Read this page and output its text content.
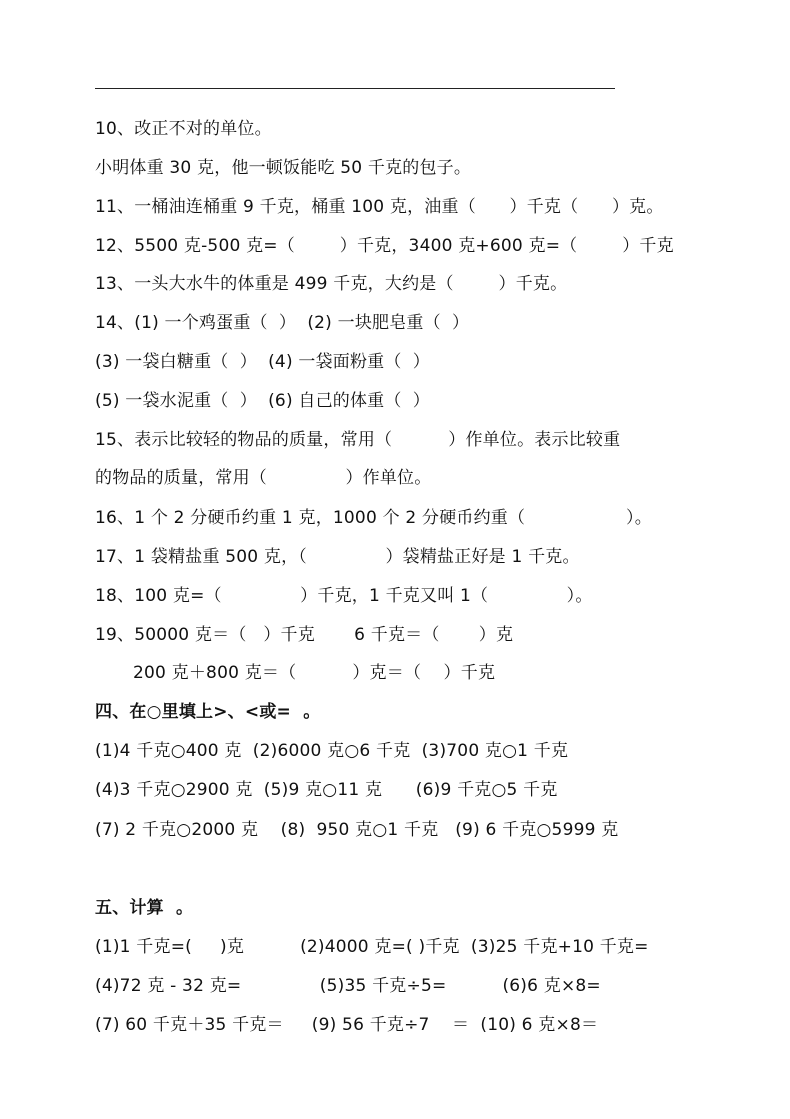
10、改正不对的单位。
小明体重 30 克，他一顿饭能吃 50 千克的包子。
11、一桶油连桶重 9 千克，桶重 100 克，油重（      ）千克（      ）克。
12、5500 克-500 克=（        ）千克，3400 克+600 克=（        ）千克
13、一头大水牛的体重是 499 千克，大约是（        ）千克。
14、(1) 一个鸡蛋重（  ）  (2) 一块肥皂重（  ）
(3) 一袋白糖重（  ）  (4) 一袋面粉重（  ）
(5) 一袋水泥重（  ）  (6) 自己的体重（  ）
15、表示比较轻的物品的质量，常用（          ）作单位。表示比较重
的物品的质量，常用（              ）作单位。
16、1 个 2 分硬币约重 1 克，1000 个 2 分硬币约重（                  ）。
17、1 袋精盐重 500 克，（              ）袋精盐正好是 1 千克。
18、100 克=（              ）千克，1 千克又叫 1（              ）。
19、50000 克＝（   ）千克       6 千克＝（       ）克
200 克＋800 克＝（          ）克＝（    ）千克
四、在○里填上>、<或=  。
(1)4 千克○400 克  (2)6000 克○6 千克  (3)700 克○1 千克
(4)3 千克○2900 克  (5)9 克○11 克      (6)9 千克○5 千克
(7) 2 千克○2000 克    (8)  950 克○1 千克   (9) 6 千克○5999 克
五、计算  。
(1)1 千克=(     )克          (2)4000 克=( )千克  (3)25 千克+10 千克=
(4)72 克 - 32 克=              (5)35 千克÷5=          (6)6 克×8=
(7) 60 千克＋35 千克＝     (9) 56 千克÷7    ＝  (10) 6 克×8＝
